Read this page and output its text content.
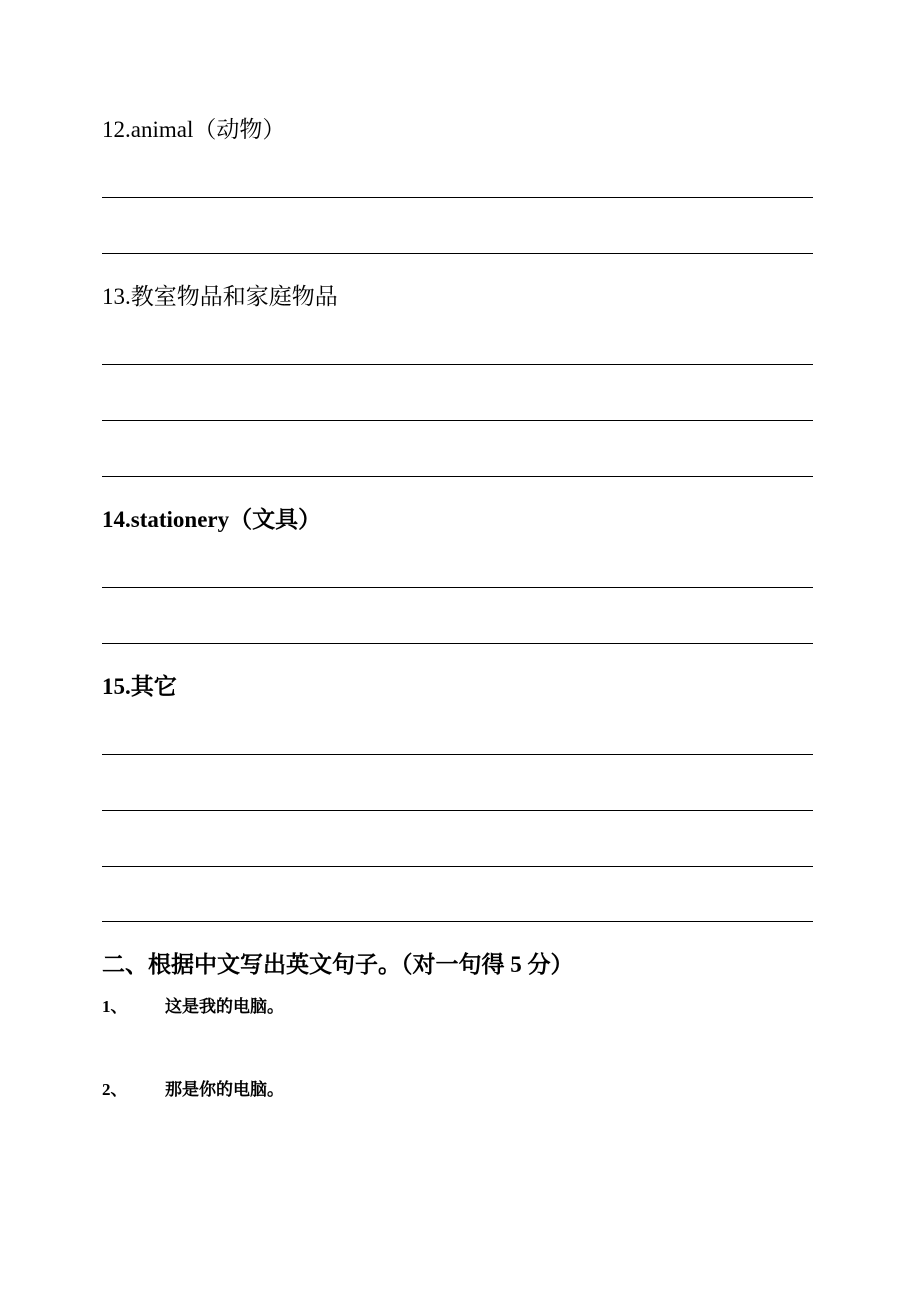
12.animal（动物）
13.教室物品和家庭物品
14.stationery（文具）
15.其它
二、根据中文写出英文句子。（对一句得 5 分）
1、 这是我的电脑。
2、 那是你的电脑。
